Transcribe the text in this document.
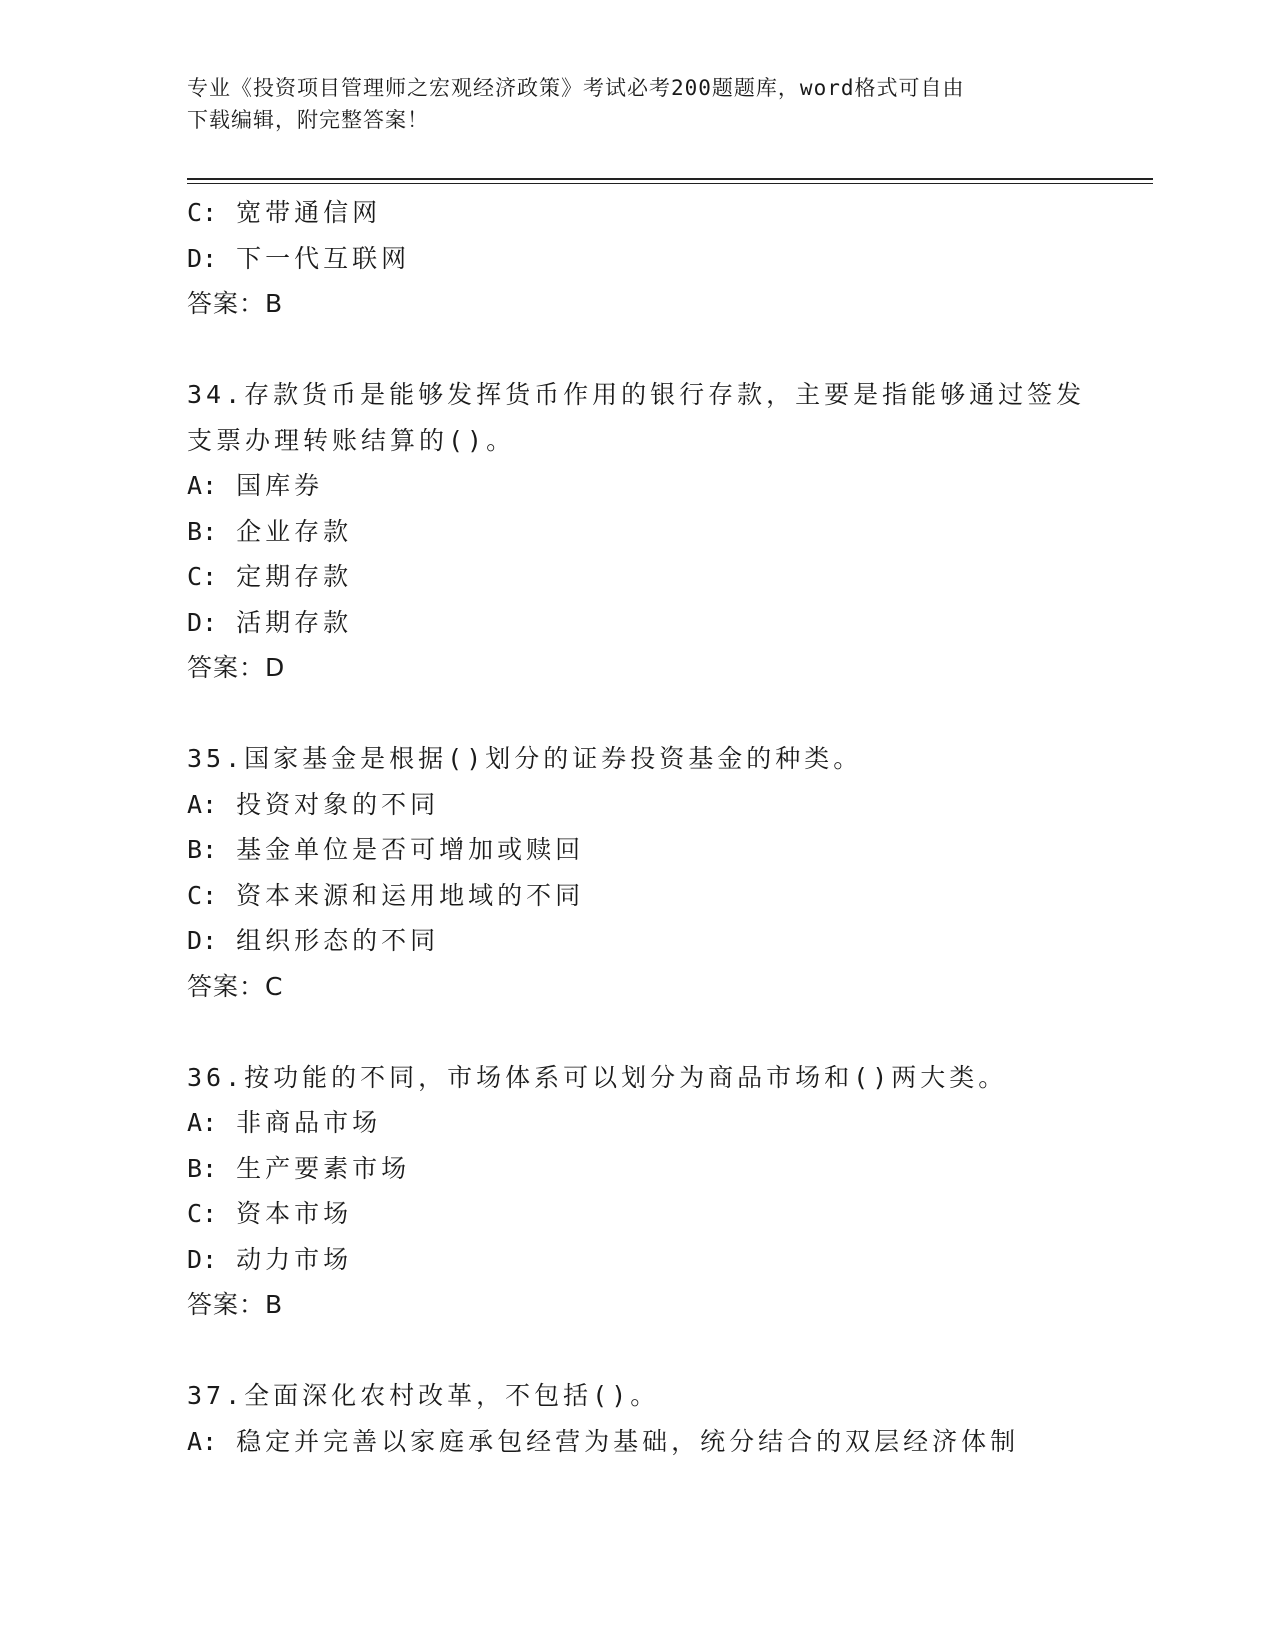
专业《投资项目管理师之宏观经济政策》考试必考200题题库，word格式可自由
下载编辑，附完整答案！
C: 宽带通信网
D: 下一代互联网
答案：B
34.存款货币是能够发挥货币作用的银行存款，主要是指能够通过签发
支票办理转账结算的()。
A: 国库券
B: 企业存款
C: 定期存款
D: 活期存款
答案：D
35.国家基金是根据()划分的证券投资基金的种类。
A: 投资对象的不同
B: 基金单位是否可增加或赎回
C: 资本来源和运用地域的不同
D: 组织形态的不同
答案：C
36.按功能的不同，市场体系可以划分为商品市场和()两大类。
A: 非商品市场
B: 生产要素市场
C: 资本市场
D: 动力市场
答案：B
37.全面深化农村改革，不包括()。
A: 稳定并完善以家庭承包经营为基础，统分结合的双层经济体制
